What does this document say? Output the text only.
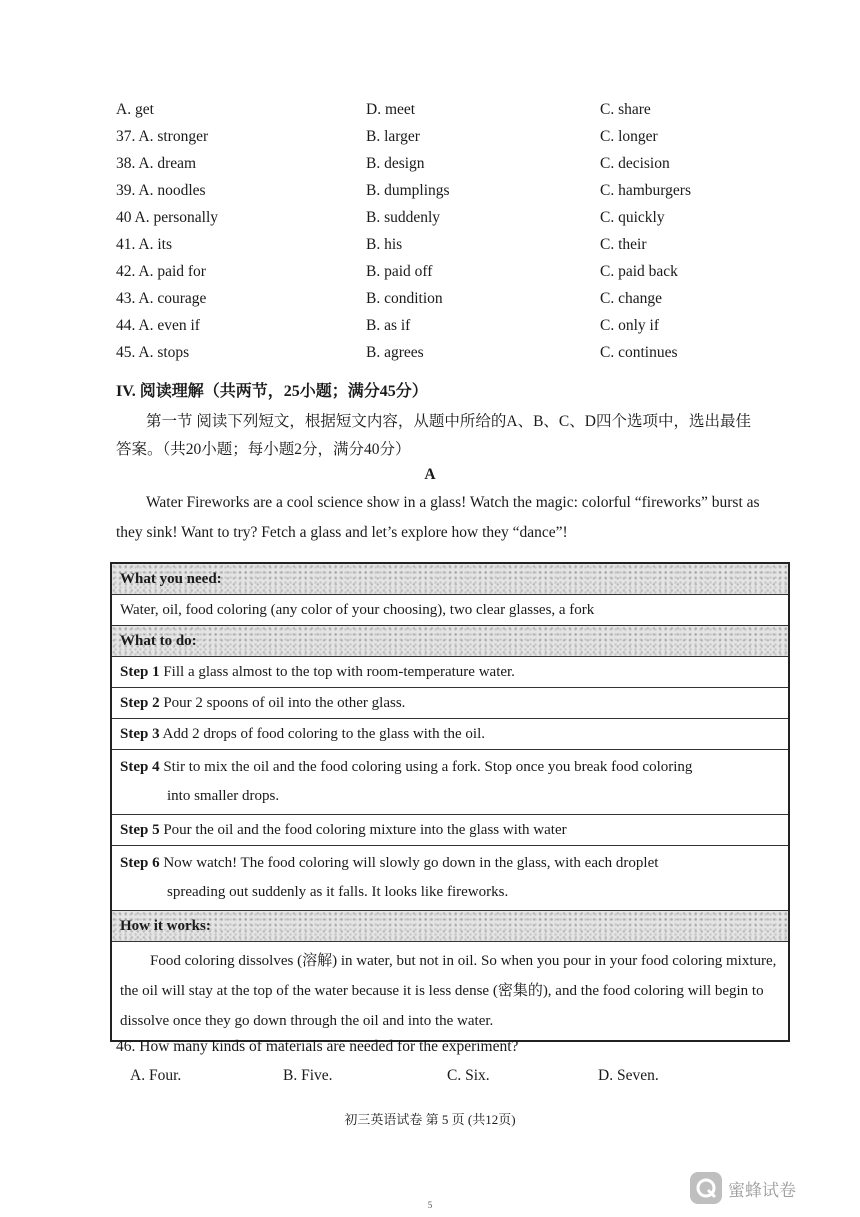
A. get	D. meet	C. share
37. A. stronger	B. larger	C. longer
38. A. dream	B. design	C. decision
39. A. noodles	B. dumplings	C. hamburgers
40 A. personally	B. suddenly	C. quickly
41. A. its	B. his	C. their
42. A. paid for	B. paid off	C. paid back
43. A. courage	B. condition	C. change
44. A. even if	B. as if	C. only if
45. A. stops	B. agrees	C. continues
IV. 阅读理解（共两节，25小题；满分45分）
第一节 阅读下列短文，根据短文内容，从题中所给的A、B、C、D四个选项中，选出最佳答案。（共20小题；每小题2分，满分40分）
A
Water Fireworks are a cool science show in a glass! Watch the magic: colorful “fireworks” burst as they sink! Want to try? Fetch a glass and let’s explore how they “dance”!
What you need:
Water, oil, food coloring (any color of your choosing), two clear glasses, a fork
What to do:
Step 1 Fill a glass almost to the top with room-temperature water.
Step 2 Pour 2 spoons of oil into the other glass.
Step 3 Add 2 drops of food coloring to the glass with the oil.
Step 4 Stir to mix the oil and the food coloring using a fork. Stop once you break food coloring
into smaller drops.
Step 5 Pour the oil and the food coloring mixture into the glass with water
Step 6 Now watch! The food coloring will slowly go down in the glass, with each droplet
spreading out suddenly as it falls. It looks like fireworks.
How it works:

Food coloring dissolves (溶解) in water, but not in oil. So when you pour in your food coloring mixture, the oil will stay at the top of the water because it is less dense (密集的), and the food coloring will begin to dissolve once they go down through the oil and into the water.

46. How many kinds of materials are needed for the experiment?
A. Four.	B. Five.	C. Six.	D. Seven.
初三英语试卷 第 5 页 (共12页)
5
蜜蜂试卷
